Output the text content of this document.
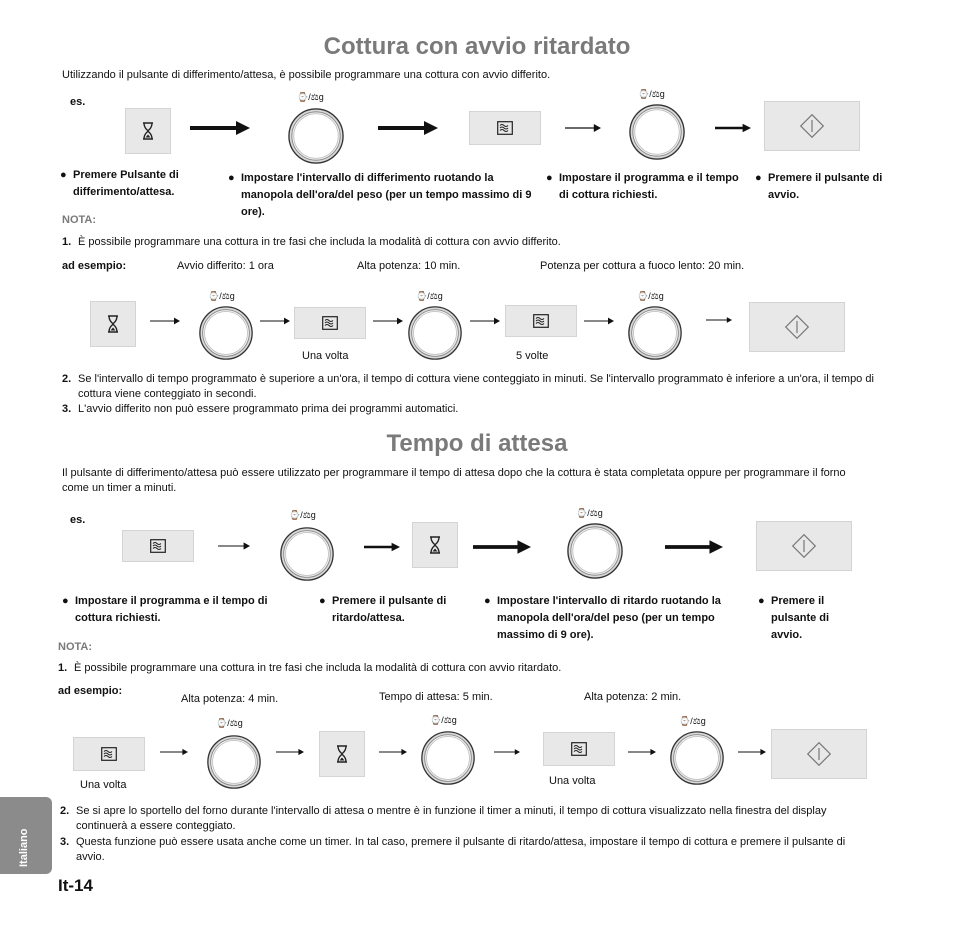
Cottura con avvio ritardato
Utilizzando il pulsante di differimento/attesa, è possibile programmare una cottura con avvio differito.
es.	⌚/⚖g	⌚/⚖g
● Premere Pulsante di differimento/attesa.
● Impostare l'intervallo di differimento ruotando la manopola dell'ora/del peso (per un tempo massimo di 9 ore).
● Impostare il programma e il tempo di cottura richiesti.
● Premere il pulsante di avvio.
NOTA:
1. È possibile programmare una cottura in tre fasi che includa la modalità di cottura con avvio differito.
ad esempio:	Avvio differito: 1 ora	Alta potenza: 10 min.	Potenza per cottura a fuoco lento: 20 min.
⌚/⚖g
Una volta
⌚/⚖g
5 volte
⌚/⚖g
2. Se l'intervallo di tempo programmato è superiore a un'ora, il tempo di cottura viene conteggiato in minuti. Se l'intervallo programmato è inferiore a un'ora, il tempo di cottura viene conteggiato in secondi.
3. L'avvio differito non può essere programmato prima dei programmi automatici.
Tempo di attesa
Il pulsante di differimento/attesa può essere utilizzato per programmare il tempo di attesa dopo che la cottura è stata completata oppure per programmare il forno come un timer a minuti.
es.	⌚/⚖g	⌚/⚖g
● Impostare il programma e il tempo di cottura richiesti.
● Premere il pulsante di ritardo/attesa.
● Impostare l'intervallo di ritardo ruotando la manopola dell'ora/del peso (per un tempo massimo di 9 ore).
● Premere il pulsante di avvio.
NOTA:
1. È possibile programmare una cottura in tre fasi che includa la modalità di cottura con avvio ritardato.
ad esempio:
Alta potenza: 4 min.	Tempo di attesa: 5 min.	Alta potenza: 2 min.
Una volta
⌚/⚖g	⌚/⚖g
Una volta
⌚/⚖g
2. Se si apre lo sportello del forno durante l'intervallo di attesa o mentre è in funzione il timer a minuti, il tempo di cottura visualizzato nella finestra del display continuerà a essere conteggiato.
3. Questa funzione può essere usata anche come un timer. In tal caso, premere il pulsante di ritardo/attesa, impostare il tempo di cottura e premere il pulsante di avvio.
Italiano
It-14
